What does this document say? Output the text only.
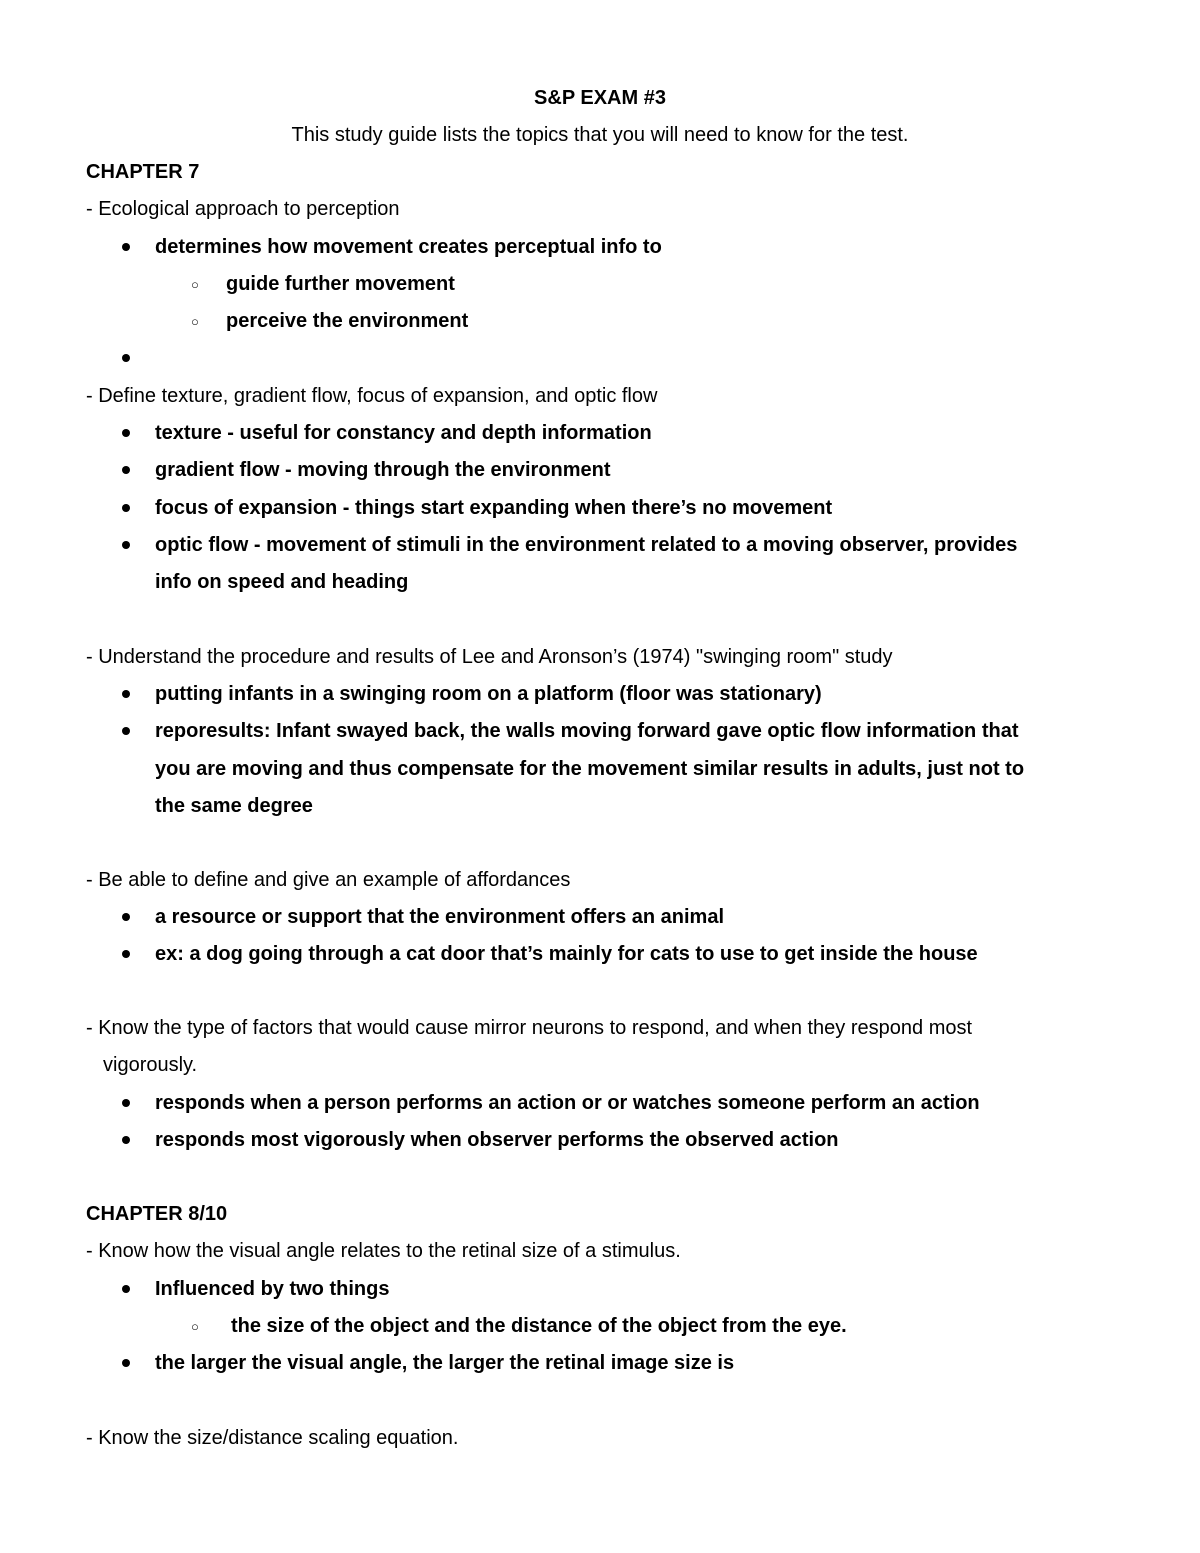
S&P EXAM #3
This study guide lists the topics that you will need to know for the test.
CHAPTER 7
- Ecological approach to perception
determines how movement creates perceptual info to
○ guide further movement
○ perceive the environment
- Define texture, gradient flow, focus of expansion, and optic flow
texture - useful for constancy and depth information
gradient flow - moving through the environment
focus of expansion - things start expanding when there’s no movement
optic flow - movement of stimuli in the environment related to a moving observer, provides
info on speed and heading
- Understand the procedure and results of Lee and Aronson’s (1974) "swinging room" study
putting infants in a swinging room on a platform (floor was stationary)
reporesults: Infant swayed back, the walls moving forward gave optic flow information that
you are moving and thus compensate for the movement similar results in adults, just not to
the same degree
- Be able to define and give an example of affordances
a resource or support that the environment offers an animal
ex: a dog going through a cat door that’s mainly for cats to use to get inside the house
- Know the type of factors that would cause mirror neurons to respond, and when they respond most
vigorously.
responds when a person performs an action or or watches someone perform an action
responds most vigorously when observer performs the observed action
CHAPTER 8/10
- Know how the visual angle relates to the retinal size of a stimulus.
Influenced by two things
○ the size of the object and the distance of the object from the eye.
the larger the visual angle, the larger the retinal image size is
- Know the size/distance scaling equation.
